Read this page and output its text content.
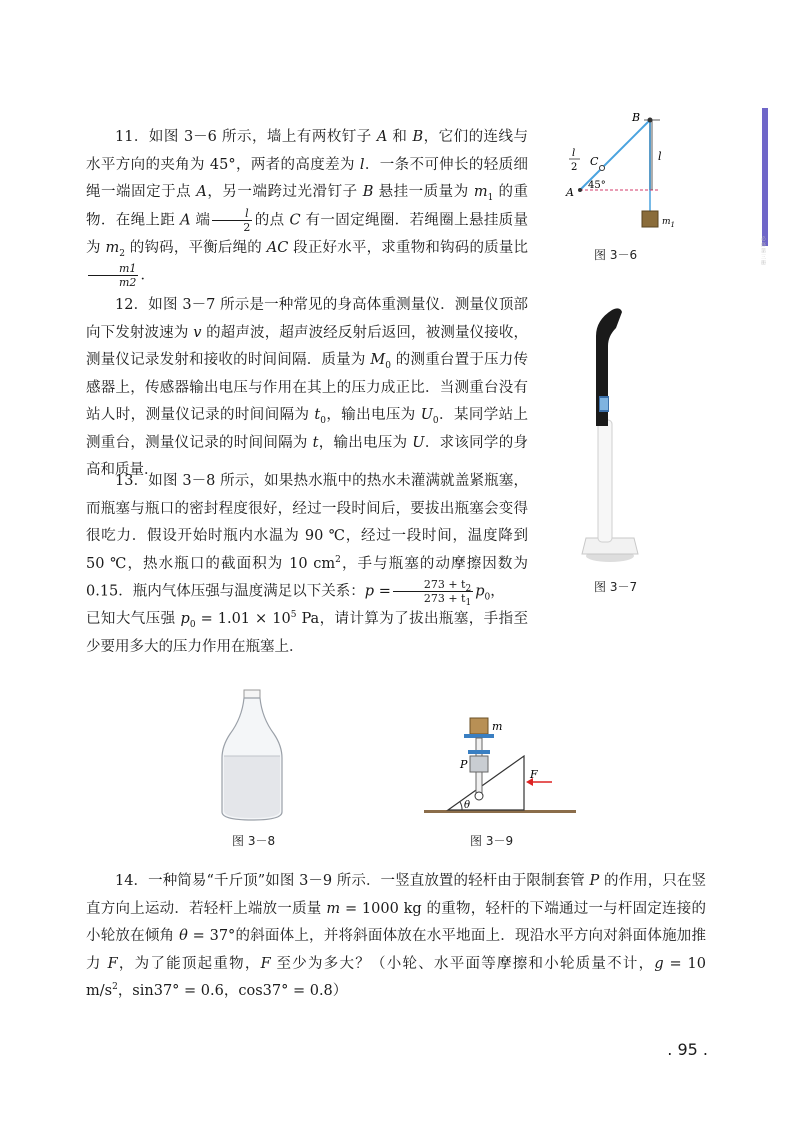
必修第三册

11．如图 3－6 所示，墙上有两枚钉子 A 和 B，它们的连线与水平方向的夹角为 45°，两者的高度差为 l．一条不可伸长的轻质细绳一端固定于点 A，另一端跨过光滑钉子 B 悬挂一质量为 $m_1$ 的重物．在绳上距 A 端 $\frac{l}{2}$ 的点 C 有一固定绳圈．若绳圈上悬挂质量为 $m_2$ 的钩码，平衡后绳的 AC 段正好水平，求重物和钩码的质量比
$\frac{m1}{m2}$ ．

B
C
A
l
l
2
45°
$m_1$
图 3－6

12．如图 3－7 所示是一种常见的身高体重测量仪．测量仪顶部向下发射波速为 v 的超声波，超声波经反射后返回，被测量仪接收，测量仪记录发射和接收的时间间隔．质量为 $M_0$ 的测重台置于压力传感器上，传感器输出电压与作用在其上的压力成正比．当测重台没有站人时，测量仪记录的时间间隔为 $t_0$，输出电压为 $U_0$．某同学站上测重台，测量仪记录的时间间隔为 t，输出电压为 U．求该同学的身高和质量．

图 3－7

13．如图 3－8 所示，如果热水瓶中的热水未灌满就盖紧瓶塞，而瓶塞与瓶口的密封程度很好，经过一段时间后，要拔出瓶塞会变得很吃力．假设开始时瓶内水温为 90 ℃，经过一段时间，温度降到 50 ℃，热水瓶口的截面积为 10 $cm^2$，手与瓶塞的动摩擦因数为 0.15．瓶内气体压强与温度满足以下关系：$p = \frac{273 + t_2}{273 + t_1} p_0$，

已知大气压强 $p_0 = 1.01 \times 10^5$ Pa，请计算为了拔出瓶塞，手指至少要用多大的压力作用在瓶塞上．

图 3－8
m
P
F
θ
图 3－9

14．一种简易“千斤顶”如图 3－9 所示．一竖直放置的轻杆由于限制套管 P 的作用，只在竖直方向上运动．若轻杆上端放一质量 m = 1000 kg 的重物，轻杆的下端通过一与杆固定连接的小轮放在倾角 θ = 37°的斜面体上，并将斜面体放在水平地面上．现沿水平方向对斜面体施加推力 F，为了能顶起重物，F 至少为多大？（小轮、水平面等摩擦和小轮质量不计，g = 10 $m/s^2$，sin37° = 0.6，cos37° = 0.8）

. 95 .
